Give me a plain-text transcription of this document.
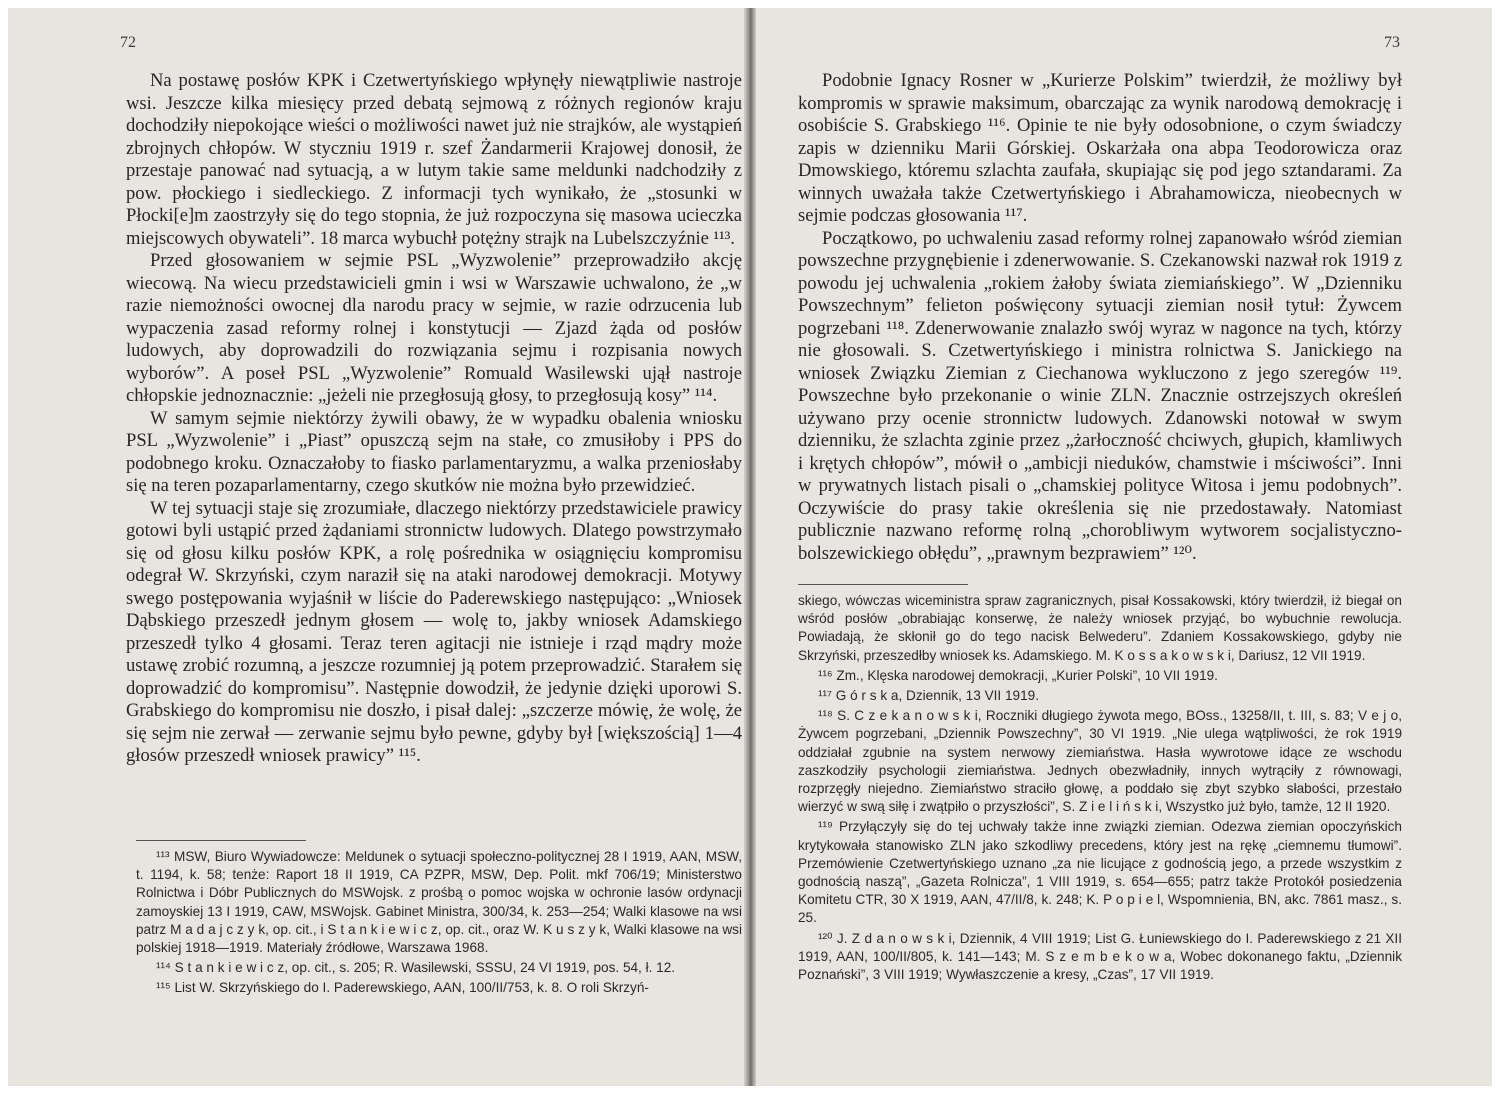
72

Na postawę posłów KPK i Czetwertyńskiego wpłynęły niewątpliwie nastroje wsi. Jeszcze kilka miesięcy przed debatą sejmową z różnych regionów kraju dochodziły niepokojące wieści o możliwości nawet już nie strajków, ale wystąpień zbrojnych chłopów. W styczniu 1919 r. szef Żandarmerii Krajowej donosił, że przestaje panować nad sytuacją, a w lutym takie same meldunki nadchodziły z pow. płockiego i siedleckiego. Z informacji tych wynikało, że „stosunki w Płocki[e]m zaostrzyły się do tego stopnia, że już rozpoczyna się masowa ucieczka miejscowych obywateli”. 18 marca wybuchł potężny strajk na Lubelszczyźnie ¹¹³.

Przed głosowaniem w sejmie PSL „Wyzwolenie” przeprowadziło akcję wiecową. Na wiecu przedstawicieli gmin i wsi w Warszawie uchwalono, że „w razie niemożności owocnej dla narodu pracy w sejmie, w razie odrzucenia lub wypaczenia zasad reformy rolnej i konstytucji — Zjazd żąda od posłów ludowych, aby doprowadzili do rozwiązania sejmu i rozpisania nowych wyborów”. A poseł PSL „Wyzwolenie” Romuald Wasilewski ujął nastroje chłopskie jednoznacznie: „jeżeli nie przegłosują głosy, to przegłosują kosy” ¹¹⁴.

W samym sejmie niektórzy żywili obawy, że w wypadku obalenia wniosku PSL „Wyzwolenie” i „Piast” opuszczą sejm na stałe, co zmusiłoby i PPS do podobnego kroku. Oznaczałoby to fiasko parlamentaryzmu, a walka przeniosłaby się na teren pozaparlamentarny, czego skutków nie można było przewidzieć.

W tej sytuacji staje się zrozumiałe, dlaczego niektórzy przedstawiciele prawicy gotowi byli ustąpić przed żądaniami stronnictw ludowych. Dlatego powstrzymało się od głosu kilku posłów KPK, a rolę pośrednika w osiągnięciu kompromisu odegrał W. Skrzyński, czym naraził się na ataki narodowej demokracji. Motywy swego postępowania wyjaśnił w liście do Paderewskiego następująco: „Wniosek Dąbskiego przeszedł jednym głosem — wolę to, jakby wniosek Adamskiego przeszedł tylko 4 głosami. Teraz teren agitacji nie istnieje i rząd mądry może ustawę zrobić rozumną, a jeszcze rozumniej ją potem przeprowadzić. Starałem się doprowadzić do kompromisu”. Następnie dowodził, że jedynie dzięki uporowi S. Grabskiego do kompromisu nie doszło, i pisał dalej: „szczerze mówię, że wolę, że się sejm nie zerwał — zerwanie sejmu było pewne, gdyby był [większością] 1—4 głosów przeszedł wniosek prawicy” ¹¹⁵.

¹¹³ MSW, Biuro Wywiadowcze: Meldunek o sytuacji społeczno-politycznej 28 I 1919, AAN, MSW, t. 1194, k. 58; tenże: Raport 18 II 1919, CA PZPR, MSW, Dep. Polit. mkf 706/19; Ministerstwo Rolnictwa i Dóbr Publicznych do MSWojsk. z prośbą o pomoc wojska w ochronie lasów ordynacji zamoyskiej 13 I 1919, CAW, MSWojsk. Gabinet Ministra, 300/34, k. 253—254; Walki klasowe na wsi patrz M a d a j c z y k, op. cit., i S t a n k i e w i c z, op. cit., oraz W. K u s z y k, Walki klasowe na wsi polskiej 1918—1919. Materiały źródłowe, Warszawa 1968.

¹¹⁴ S t a n k i e w i c z, op. cit., s. 205; R. Wasilewski, SSSU, 24 VI 1919, pos. 54, ł. 12.

¹¹⁵ List W. Skrzyńskiego do I. Paderewskiego, AAN, 100/II/753, k. 8. O roli Skrzyń-

73

Podobnie Ignacy Rosner w „Kurierze Polskim” twierdził, że możliwy był kompromis w sprawie maksimum, obarczając za wynik narodową demokrację i osobiście S. Grabskiego ¹¹⁶. Opinie te nie były odosobnione, o czym świadczy zapis w dzienniku Marii Górskiej. Oskarżała ona abpa Teodorowicza oraz Dmowskiego, któremu szlachta zaufała, skupiając się pod jego sztandarami. Za winnych uważała także Czetwertyńskiego i Abrahamowicza, nieobecnych w sejmie podczas głosowania ¹¹⁷.

Początkowo, po uchwaleniu zasad reformy rolnej zapanowało wśród ziemian powszechne przygnębienie i zdenerwowanie. S. Czekanowski nazwał rok 1919 z powodu jej uchwalenia „rokiem żałoby świata ziemiańskiego”. W „Dzienniku Powszechnym” felieton poświęcony sytuacji ziemian nosił tytuł: Żywcem pogrzebani ¹¹⁸. Zdenerwowanie znalazło swój wyraz w nagonce na tych, którzy nie głosowali. S. Czetwertyńskiego i ministra rolnictwa S. Janickiego na wniosek Związku Ziemian z Ciechanowa wykluczono z jego szeregów ¹¹⁹. Powszechne było przekonanie o winie ZLN. Znacznie ostrzejszych określeń używano przy ocenie stronnictw ludowych. Zdanowski notował w swym dzienniku, że szlachta zginie przez „żarłoczność chciwych, głupich, kłamliwych i krętych chłopów”, mówił o „ambicji nieduków, chamstwie i mściwości”. Inni w prywatnych listach pisali o „chamskiej polityce Witosa i jemu podobnych”. Oczywiście do prasy takie określenia się nie przedostawały. Natomiast publicznie nazwano reformę rolną „chorobliwym wytworem socjalistyczno-bolszewickiego obłędu”, „prawnym bezprawiem” ¹²⁰.

skiego, wówczas wiceministra spraw zagranicznych, pisał Kossakowski, który twierdził, iż biegał on wśród posłów „obrabiając konserwę, że należy wniosek przyjąć, bo wybuchnie rewolucja. Powiadają, że skłonił go do tego nacisk Belwederu”. Zdaniem Kossakowskiego, gdyby nie Skrzyński, przeszedłby wniosek ks. Adamskiego. M. K o s s a k o w s k i, Dariusz, 12 VII 1919.

¹¹⁶ Zm., Klęska narodowej demokracji, „Kurier Polski”, 10 VII 1919.

¹¹⁷ G ó r s k a, Dziennik, 13 VII 1919.

¹¹⁸ S. C z e k a n o w s k i, Roczniki długiego żywota mego, BOss., 13258/II, t. III, s. 83; V e j o, Żywcem pogrzebani, „Dziennik Powszechny”, 30 VI 1919. „Nie ulega wątpliwości, że rok 1919 oddziałał zgubnie na system nerwowy ziemiaństwa. Hasła wywrotowe idące ze wschodu zaszkodziły psychologii ziemiaństwa. Jednych obezwładniły, innych wytrąciły z równowagi, rozprzęgły niejedno. Ziemiaństwo straciło głowę, a poddało się zbyt szybko słabości, przestało wierzyć w swą siłę i zwątpiło o przyszłości”, S. Z i e l i ń s k i, Wszystko już było, tamże, 12 II 1920.

¹¹⁹ Przyłączyły się do tej uchwały także inne związki ziemian. Odezwa ziemian opoczyńskich krytykowała stanowisko ZLN jako szkodliwy precedens, który jest na rękę „ciemnemu tłumowi”. Przemówienie Czetwertyńskiego uznano „za nie licujące z godnością jego, a przede wszystkim z godnością naszą”, „Gazeta Rolnicza”, 1 VIII 1919, s. 654—655; patrz także Protokół posiedzenia Komitetu CTR, 30 X 1919, AAN, 47/II/8, k. 248; K. P o p i e l, Wspomnienia, BN, akc. 7861 masz., s. 25.

¹²⁰ J. Z d a n o w s k i, Dziennik, 4 VIII 1919; List G. Łuniewskiego do I. Paderewskiego z 21 XII 1919, AAN, 100/II/805, k. 141—143; M. S z e m b e k o w a, Wobec dokonanego faktu, „Dziennik Poznański”, 3 VIII 1919; Wywłaszczenie a kresy, „Czas”, 17 VII 1919.
